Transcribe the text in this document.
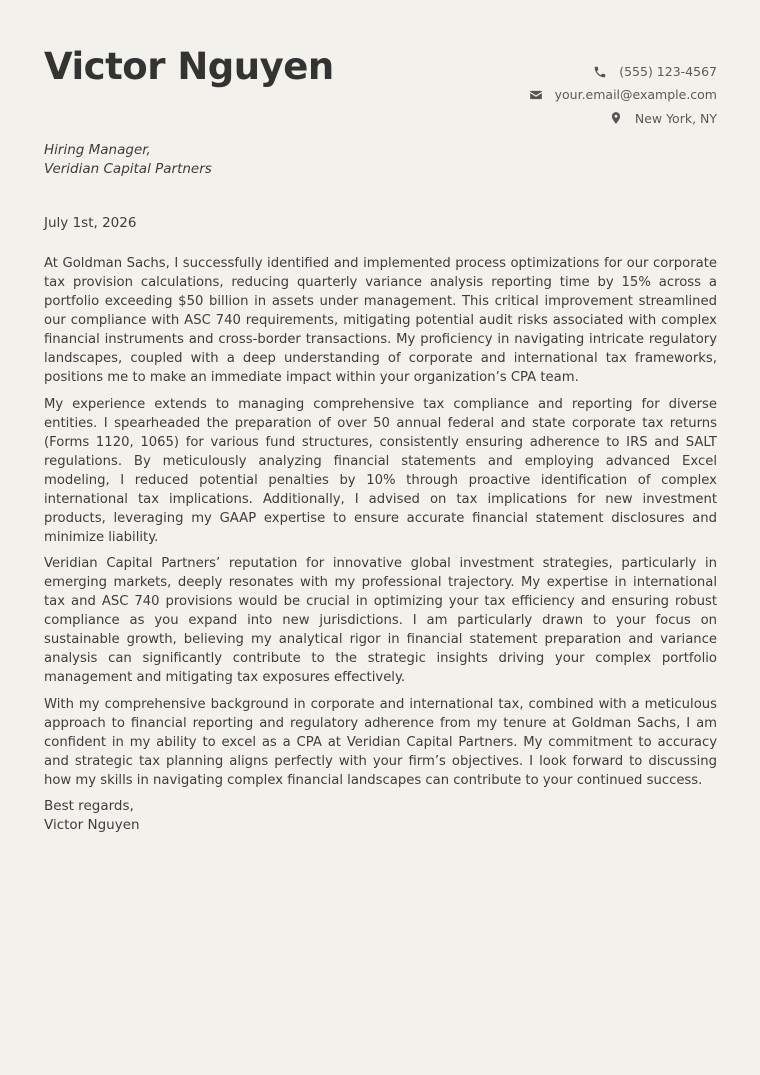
Victor Nguyen	(555) 123-4567
your.email@example.com
New York, NY
Hiring Manager,
Veridian Capital Partners
July 1st, 2026

At Goldman Sachs, I successfully identified and implemented process optimizations for our corporate tax provision calculations, reducing quarterly variance analysis reporting time by 15% across a portfolio exceeding $50 billion in assets under management. This critical improvement streamlined our compliance with ASC 740 requirements, mitigating potential audit risks associated with complex financial instruments and cross-border transactions. My proficiency in navigating intricate regulatory landscapes, coupled with a deep understanding of corporate and international tax frameworks, positions me to make an immediate impact within your organization’s CPA team.

My experience extends to managing comprehensive tax compliance and reporting for diverse entities. I spearheaded the preparation of over 50 annual federal and state corporate tax returns (Forms 1120, 1065) for various fund structures, consistently ensuring adherence to IRS and SALT regulations. By meticulously analyzing financial statements and employing advanced Excel modeling, I reduced potential penalties by 10% through proactive identification of complex international tax implications. Additionally, I advised on tax implications for new investment products, leveraging my GAAP expertise to ensure accurate financial statement disclosures and minimize liability.

Veridian Capital Partners’ reputation for innovative global investment strategies, particularly in emerging markets, deeply resonates with my professional trajectory. My expertise in international tax and ASC 740 provisions would be crucial in optimizing your tax efficiency and ensuring robust compliance as you expand into new jurisdictions. I am particularly drawn to your focus on sustainable growth, believing my analytical rigor in financial statement preparation and variance analysis can significantly contribute to the strategic insights driving your complex portfolio management and mitigating tax exposures effectively.

With my comprehensive background in corporate and international tax, combined with a meticulous approach to financial reporting and regulatory adherence from my tenure at Goldman Sachs, I am confident in my ability to excel as a CPA at Veridian Capital Partners. My commitment to accuracy and strategic tax planning aligns perfectly with your firm’s objectives. I look forward to discussing how my skills in navigating complex financial landscapes can contribute to your continued success.

Best regards,
Victor Nguyen
